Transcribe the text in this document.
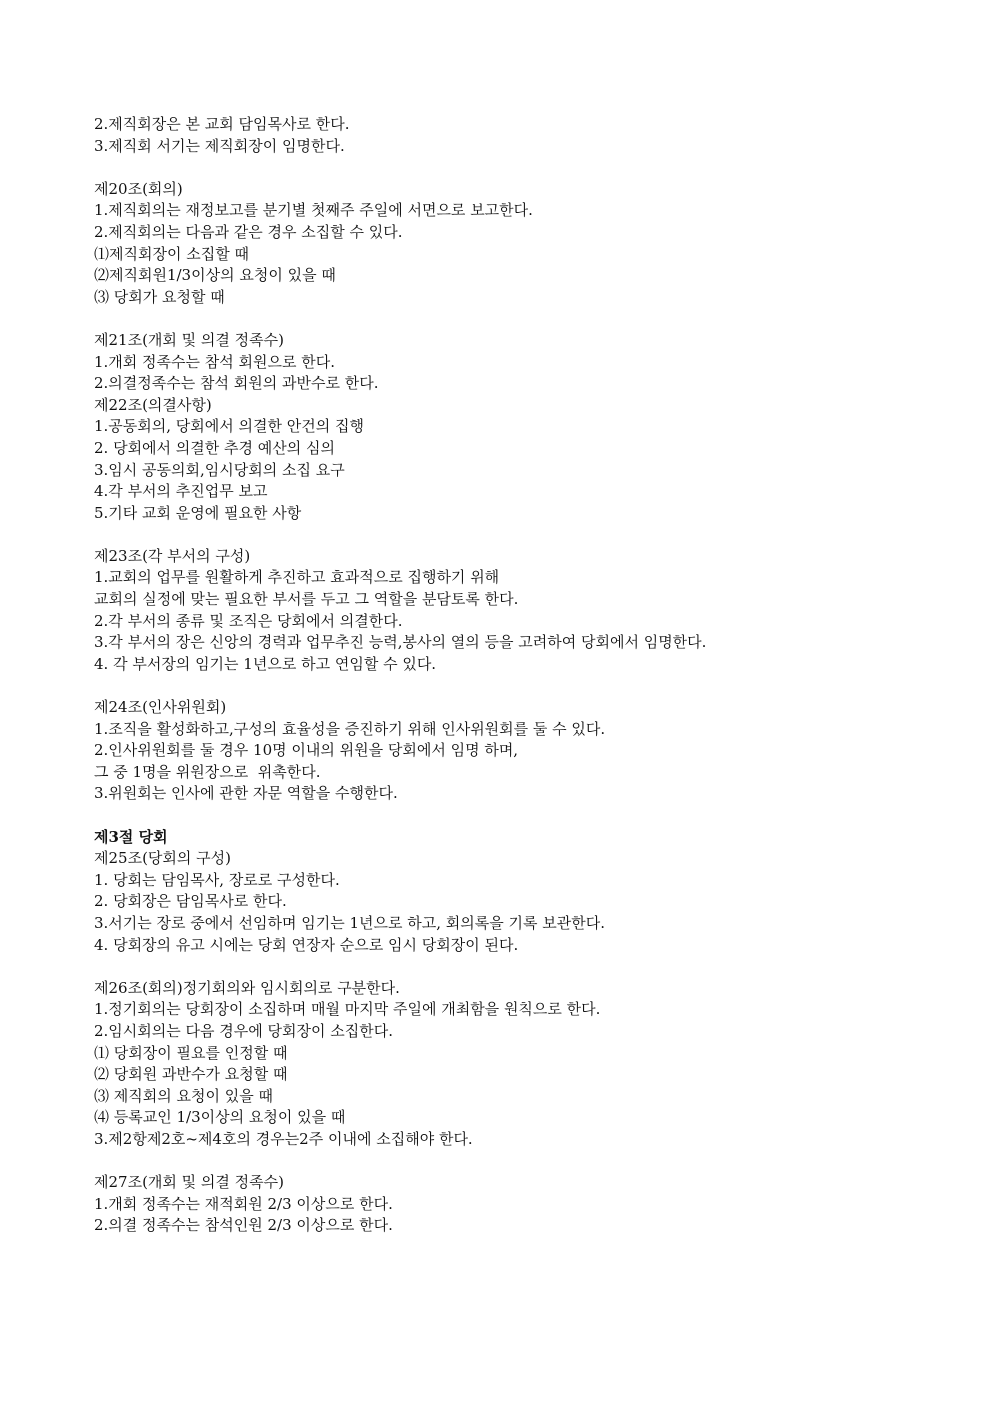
2.제직회장은 본 교회 담임목사로 한다.
3.제직회 서기는 제직회장이 임명한다.
제20조(회의)
1.제직회의는 재정보고를 분기별 첫째주 주일에 서면으로 보고한다.
2.제직회의는 다음과 같은 경우 소집할 수 있다.
⑴제직회장이 소집할 때
⑵제직회원1/3이상의 요청이 있을 때
⑶ 당회가 요청할 때
제21조(개회 및 의결 정족수)
1.개회 정족수는 참석 회원으로 한다.
2.의결정족수는 참석 회원의 과반수로 한다.
제22조(의결사항)
1.공동회의, 당회에서 의결한 안건의 집행
2. 당회에서 의결한 추경 예산의 심의
3.임시 공동의회,임시당회의 소집 요구
4.각 부서의 추진업무 보고
5.기타 교회 운영에 필요한 사항
제23조(각 부서의 구성)
1.교회의 업무를 원활하게 추진하고 효과적으로 집행하기 위해
교회의 실정에 맞는 필요한 부서를 두고 그 역할을 분담토록 한다.
2.각 부서의 종류 및 조직은 당회에서 의결한다.
3.각 부서의 장은 신앙의 경력과 업무추진 능력,봉사의 열의 등을 고려하여 당회에서 임명한다.
4. 각 부서장의 임기는 1년으로 하고 연임할 수 있다.
제24조(인사위원회)
1.조직을 활성화하고,구성의 효율성을 증진하기 위해 인사위원회를 둘 수 있다.
2.인사위원회를 둘 경우 10명 이내의 위원을 당회에서 임명 하며,
그 중 1명을 위원장으로  위촉한다.
3.위원회는 인사에 관한 자문 역할을 수행한다.
제3절 당회
제25조(당회의 구성)
1. 당회는 담임목사, 장로로 구성한다.
2. 당회장은 담임목사로 한다.
3.서기는 장로 중에서 선임하며 임기는 1년으로 하고, 회의록을 기록 보관한다.
4. 당회장의 유고 시에는 당회 연장자 순으로 임시 당회장이 된다.
제26조(회의)정기회의와 임시회의로 구분한다.
1.정기회의는 당회장이 소집하며 매월 마지막 주일에 개최함을 원칙으로 한다.
2.임시회의는 다음 경우에 당회장이 소집한다.
⑴ 당회장이 필요를 인정할 때
⑵ 당회원 과반수가 요청할 때
⑶ 제직회의 요청이 있을 때
⑷ 등록교인 1/3이상의 요청이 있을 때
3.제2항제2호~제4호의 경우는2주 이내에 소집해야 한다.
제27조(개회 및 의결 정족수)
1.개회 정족수는 재적회원 2/3 이상으로 한다.
2.의결 정족수는 참석인원 2/3 이상으로 한다.
